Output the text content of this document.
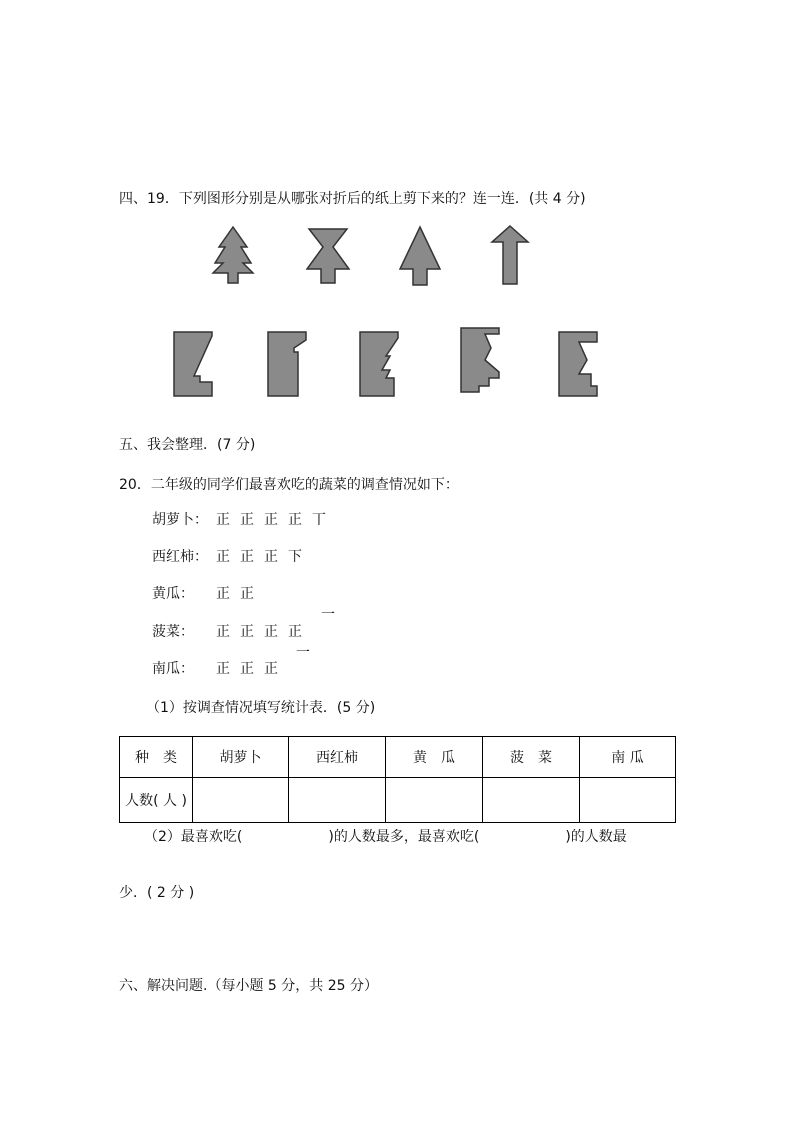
四、19．下列图形分别是从哪张对折后的纸上剪下来的？连一连．(共 4 分)
五、我会整理．(7 分)
20．二年级的同学们最喜欢吃的蔬菜的调查情况如下：
胡萝卜： 正 正 正 正 丅
西红柿： 正 正 正 下
黄瓜： 正 正
一
菠菜： 正 正 正 正
一
南瓜： 正 正 正
（1）按调查情况填写统计表．(5 分)
种　类	胡萝卜	西红柿	黄　瓜	菠　菜	南 瓜
人数( 人 )					
（2）最喜欢吃(	)的人数最多，最喜欢吃(	)的人数最
少．( 2 分 )
六、解决问题.（每小题 5 分，共 25 分）
